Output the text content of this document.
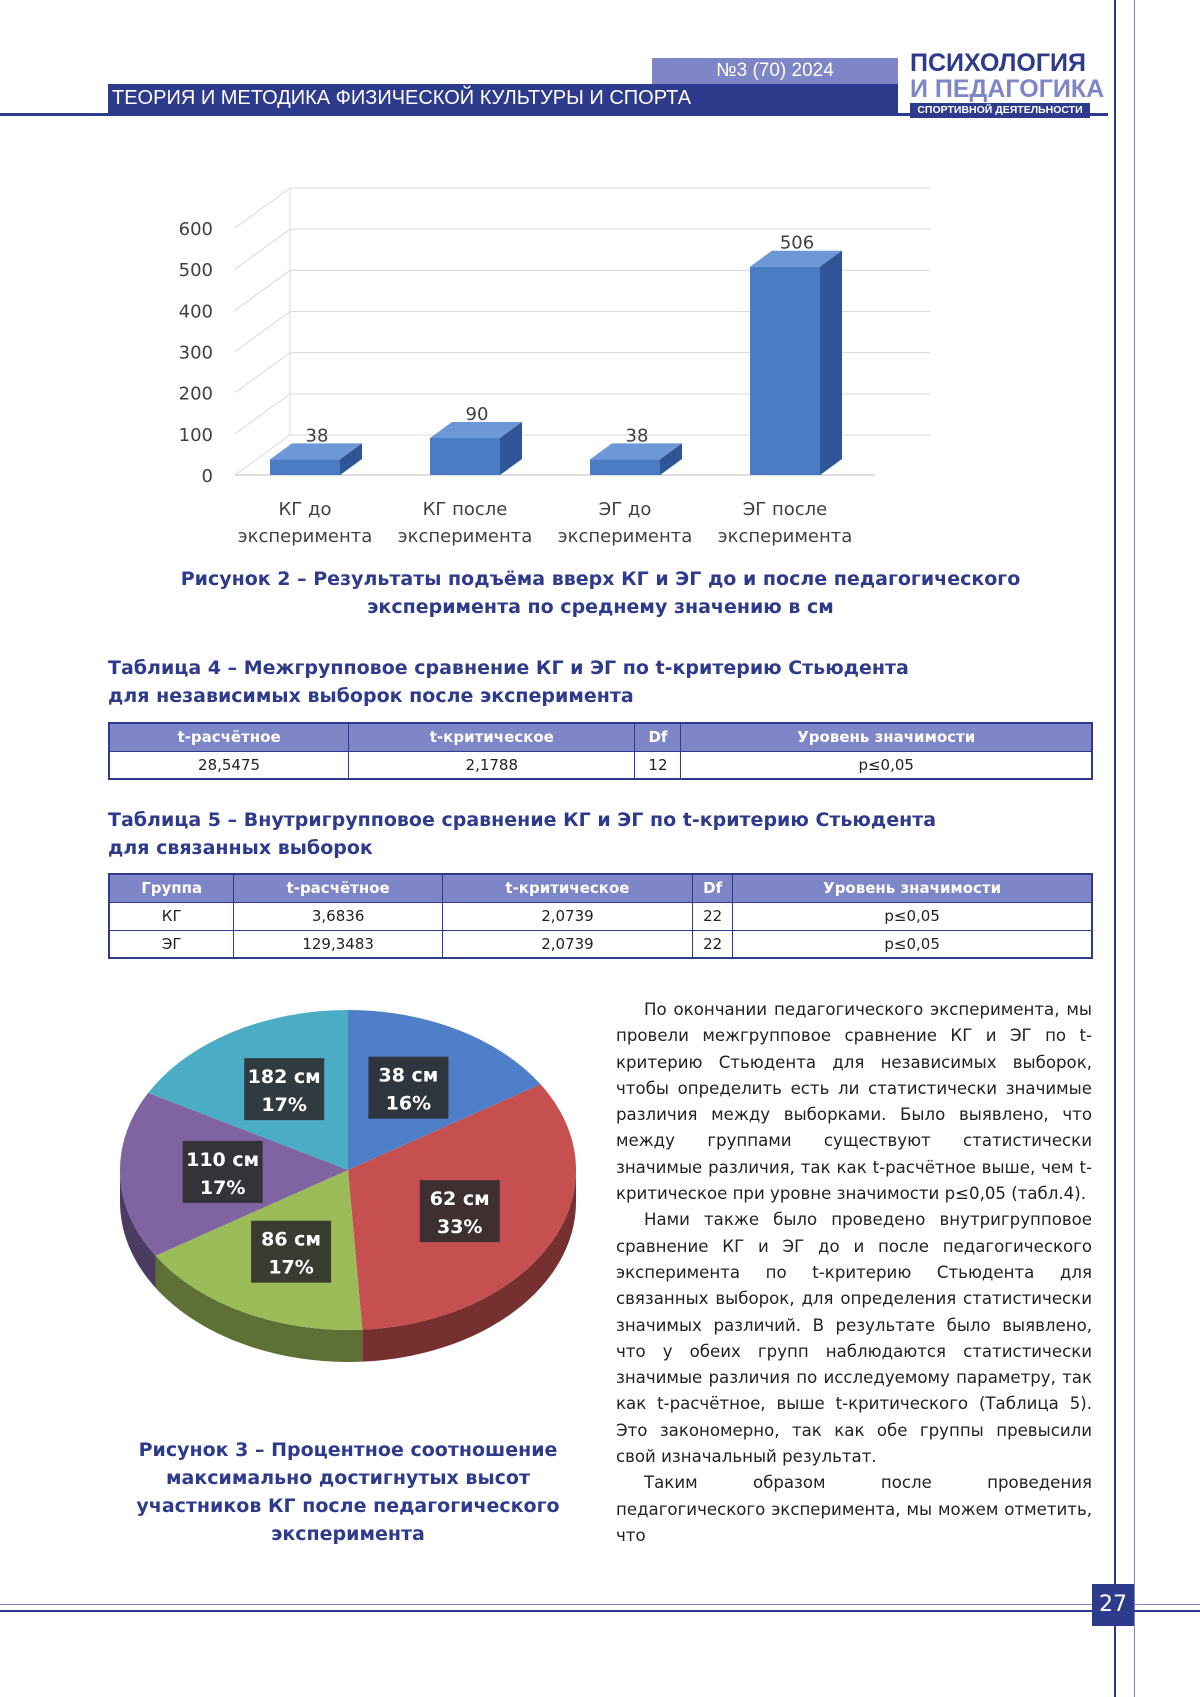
№3 (70) 2024
ТЕОРИЯ И МЕТОДИКА ФИЗИЧЕСКОЙ КУЛЬТУРЫ И СПОРТА
ПСИХОЛОГИЯ
И ПЕДАГОГИКА
СПОРТИВНОЙ ДЕЯТЕЛЬНОСТИ
0
100
200
300
400
500
600
38
КГ до
эксперимента
90
КГ после
эксперимента
38
ЭГ до
эксперимента
506
ЭГ после
эксперимента
Рисунок 2 – Результаты подъёма вверх КГ и ЭГ до и после педагогического
эксперимента по среднему значению в см
Таблица 4 – Межгрупповое сравнение КГ и ЭГ по t-критерию Стьюдента
для независимых выборок после эксперимента
t-расчётное	t-критическое	Df	Уровень значимости
28,5475	2,1788	12	p≤0,05
Таблица 5 – Внутригрупповое сравнение КГ и ЭГ по t-критерию Стьюдента
для связанных выборок
Группа	t-расчётное	t-критическое	Df	Уровень значимости
КГ	3,6836	2,0739	22	p≤0,05
ЭГ	129,3483	2,0739	22	p≤0,05
38 см
16%
62 см
33%
86 см
17%
110 см
17%
182 см
17%
Рисунок 3 – Процентное соотношение
максимально достигнутых высот
участников КГ после педагогического
эксперимента

По окончании педагогического эксперимента, мы провели межгрупповое сравнение КГ и ЭГ по t-критерию Стьюдента для независимых выборок, чтобы определить есть ли статистически значимые различия между выборками. Было выявлено, что между группами существуют статистически значимые различия, так как t-расчётное выше, чем t-критическое при уровне значимости p≤0,05 (табл.4).

Нами также было проведено внутригрупповое сравнение КГ и ЭГ до и после педагогического эксперимента по t-критерию Стьюдента для связанных выборок, для определения статистически значимых различий. В результате было выявлено, что у обеих групп наблюдаются статистически значимые различия по исследуемому параметру, так как t-расчётное, выше t-критического (Таблица 5). Это закономерно, так как обе группы превысили свой изначальный результат.

Таким образом после проведения педагогического эксперимента, мы можем отметить, что

27
